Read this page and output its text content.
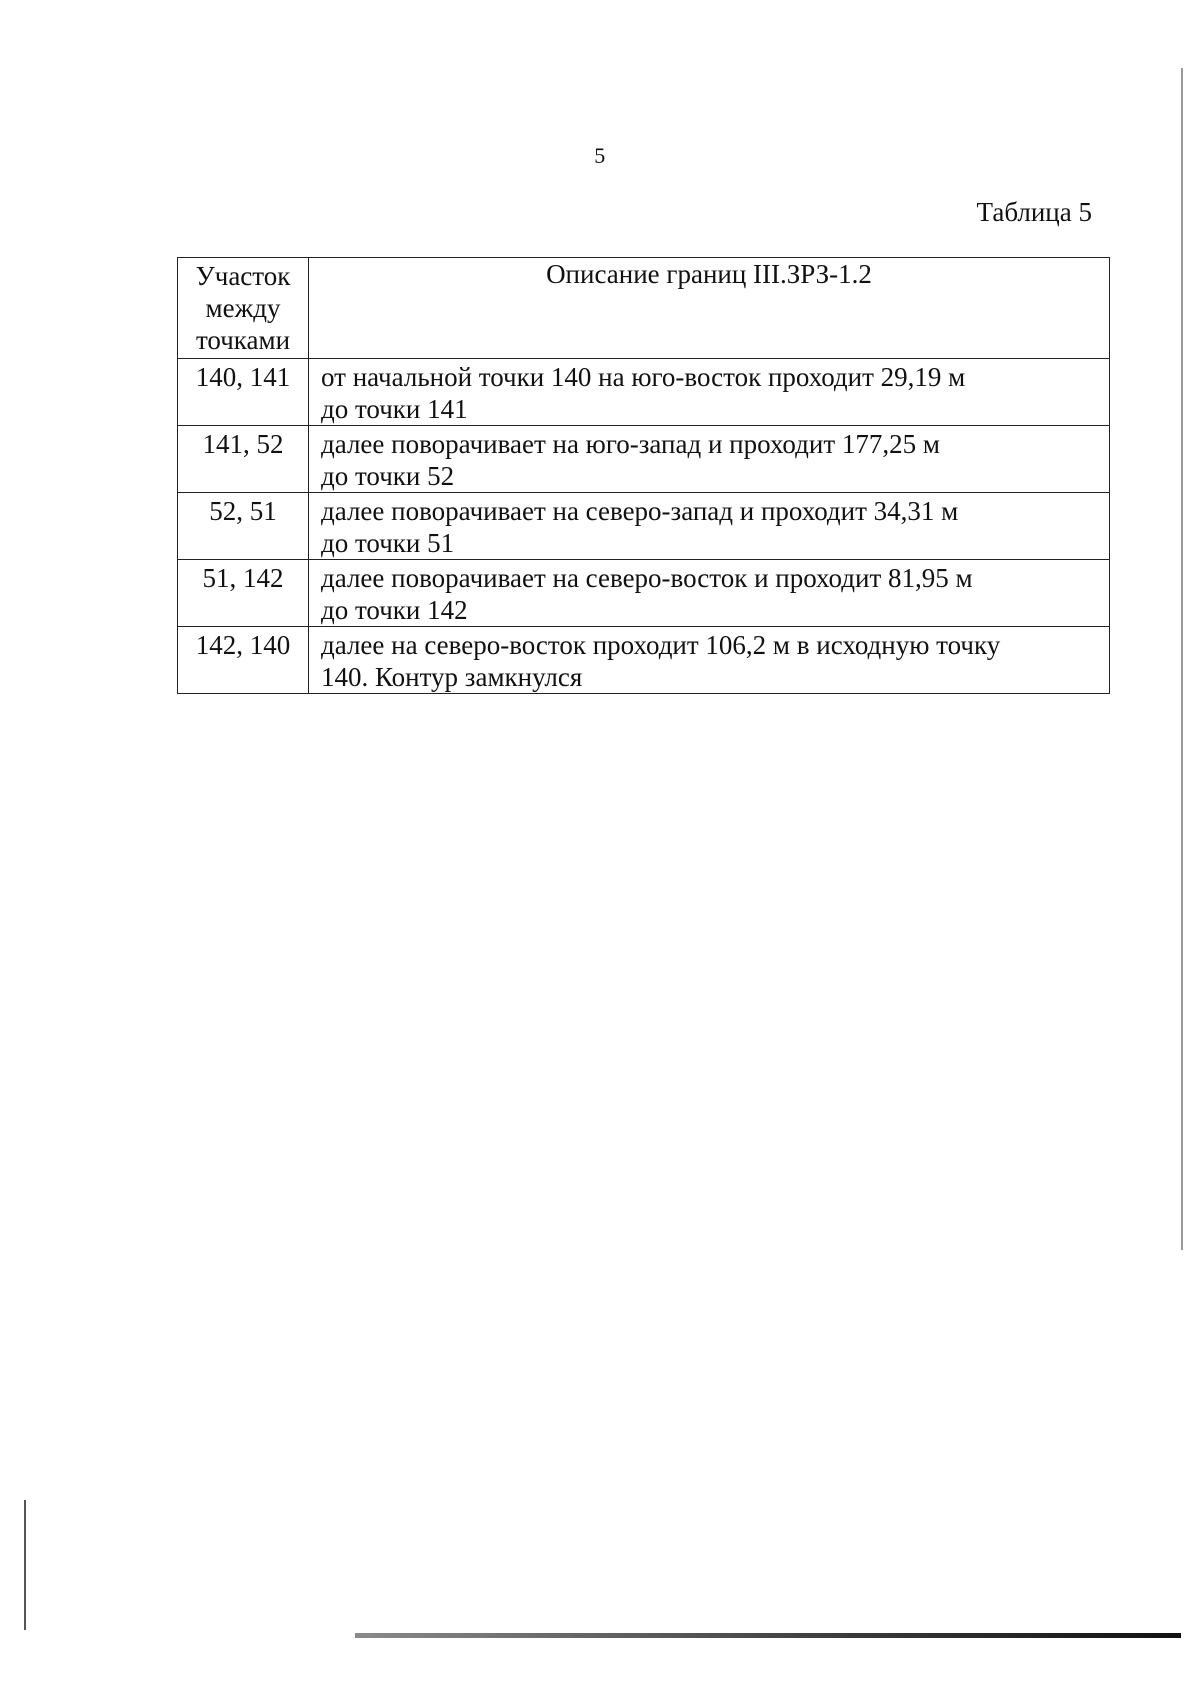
5
Таблица 5
Участок
между
точками	Описание границ III.ЗРЗ-1.2
140, 141	от начальной точки 140 на юго-восток проходит 29,19 м
до точки 141

141, 52	далее поворачивает на юго-запад и проходит 177,25 м
до точки 52

52, 51	далее поворачивает на северо-запад и проходит 34,31 м
до точки 51

51, 142	далее поворачивает на северо-восток и проходит 81,95 м
до точки 142

142, 140	далее на северо-восток проходит 106,2 м в исходную точку
140. Контур замкнулся
